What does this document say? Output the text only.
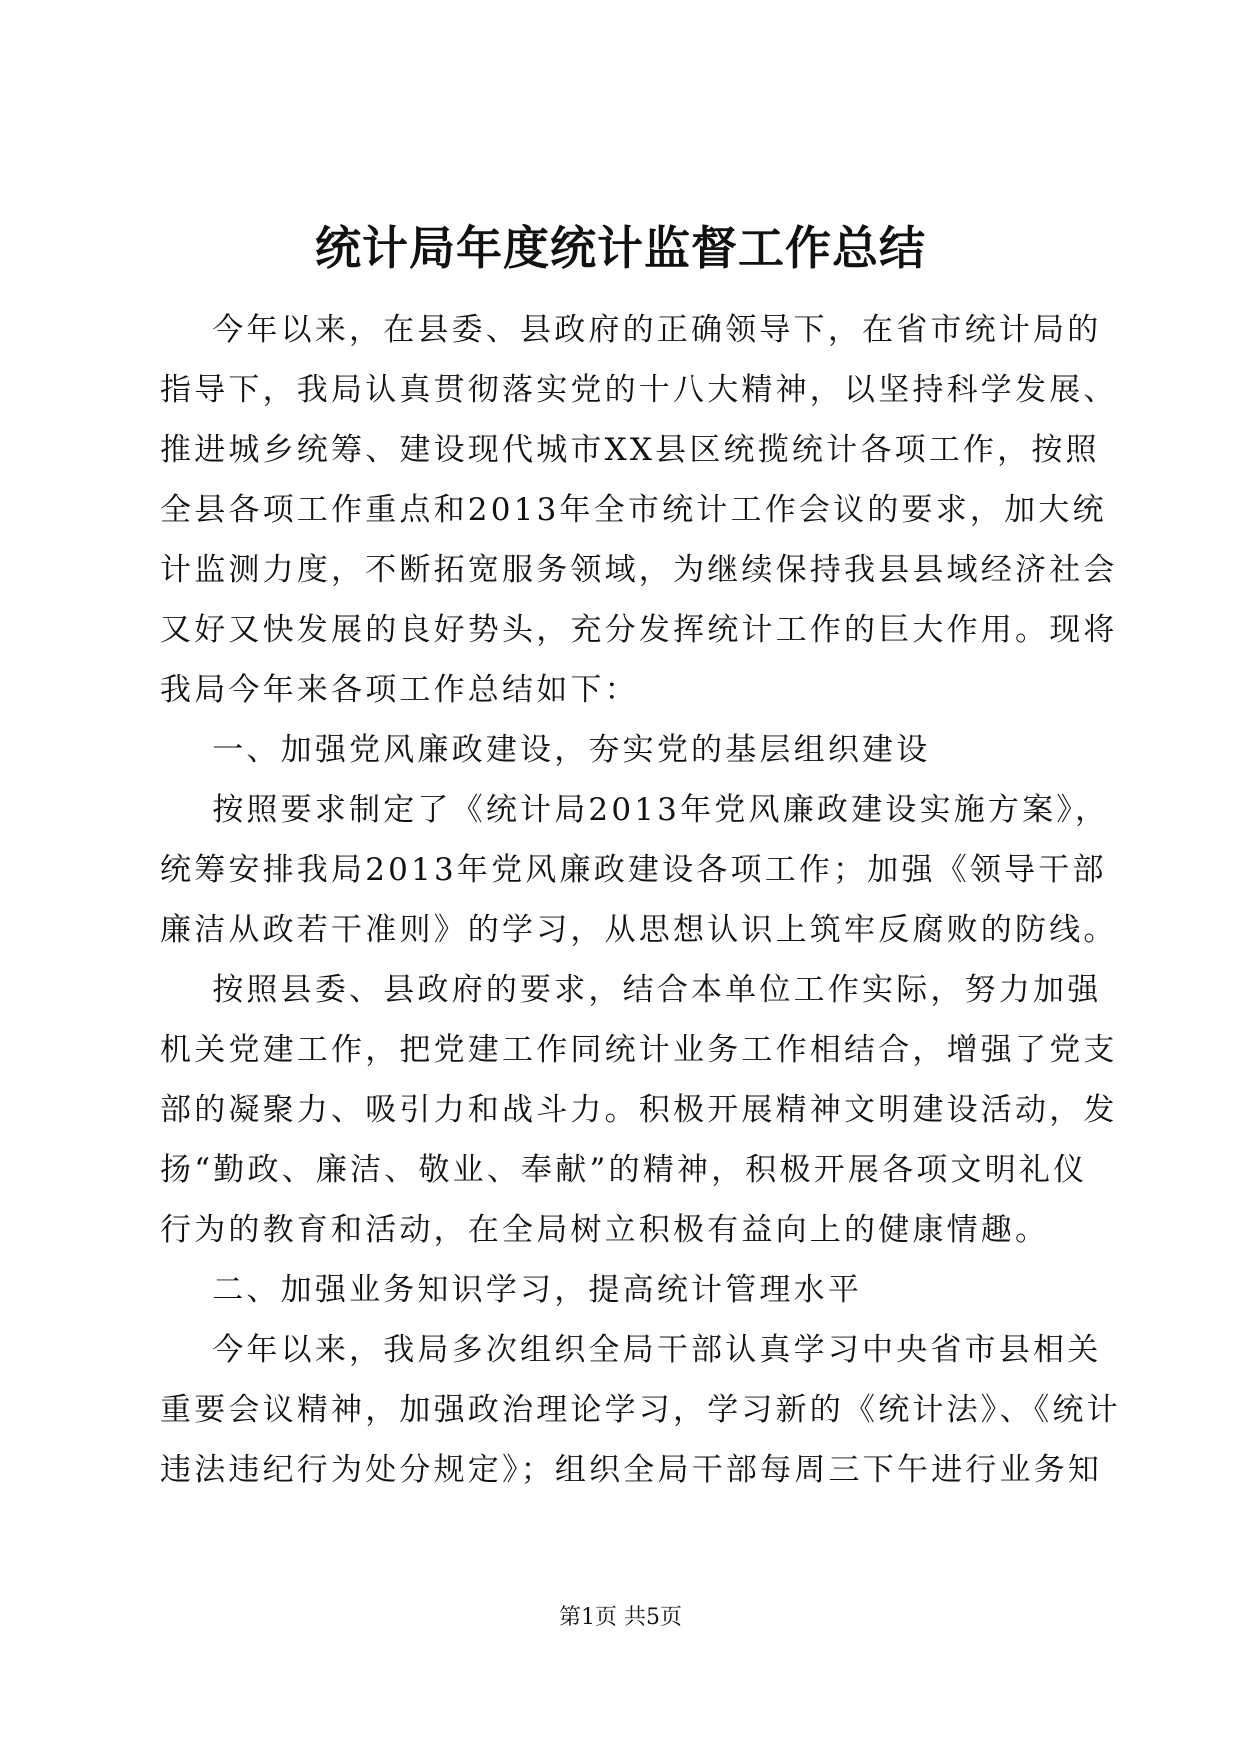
统计局年度统计监督工作总结
今年以来，在县委、县政府的正确领导下，在省市统计局的
指导下，我局认真贯彻落实党的十八大精神，以坚持科学发展、
推进城乡统筹、建设现代城市XX县区统揽统计各项工作，按照
全县各项工作重点和2013年全市统计工作会议的要求，加大统
计监测力度，不断拓宽服务领域，为继续保持我县县域经济社会
又好又快发展的良好势头，充分发挥统计工作的巨大作用。现将
我局今年来各项工作总结如下：
一、加强党风廉政建设，夯实党的基层组织建设
按照要求制定了《统计局2013年党风廉政建设实施方案》，
统筹安排我局2013年党风廉政建设各项工作；加强《领导干部
廉洁从政若干准则》的学习，从思想认识上筑牢反腐败的防线。
按照县委、县政府的要求，结合本单位工作实际，努力加强
机关党建工作，把党建工作同统计业务工作相结合，增强了党支
部的凝聚力、吸引力和战斗力。积极开展精神文明建设活动，发
扬“勤政、廉洁、敬业、奉献”的精神，积极开展各项文明礼仪
行为的教育和活动，在全局树立积极有益向上的健康情趣。
二、加强业务知识学习，提高统计管理水平
今年以来，我局多次组织全局干部认真学习中央省市县相关
重要会议精神，加强政治理论学习，学习新的《统计法》、《统计
违法违纪行为处分规定》；组织全局干部每周三下午进行业务知
第1页 共5页
